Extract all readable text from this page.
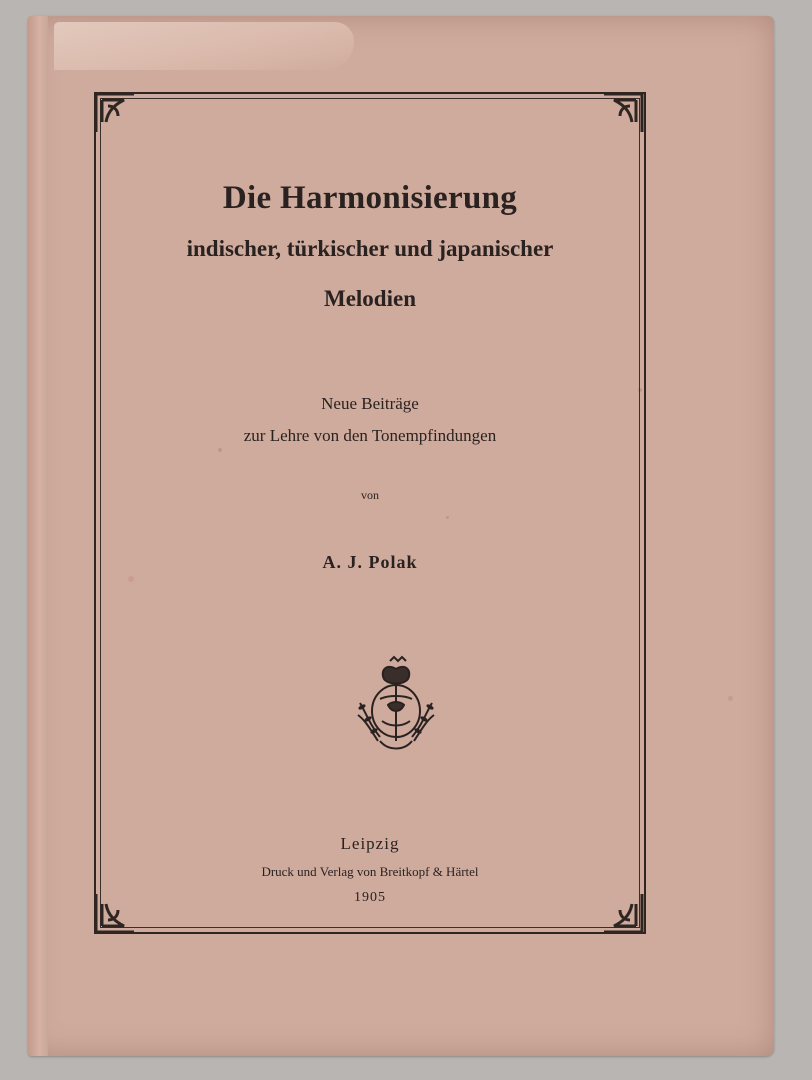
Die Harmonisierung
indischer, türkischer und japanischer
Melodien
Neue Beiträge
zur Lehre von den Tonempfindungen
von
A. J. Polak
Leipzig
Druck und Verlag von Breitkopf & Härtel
1905
